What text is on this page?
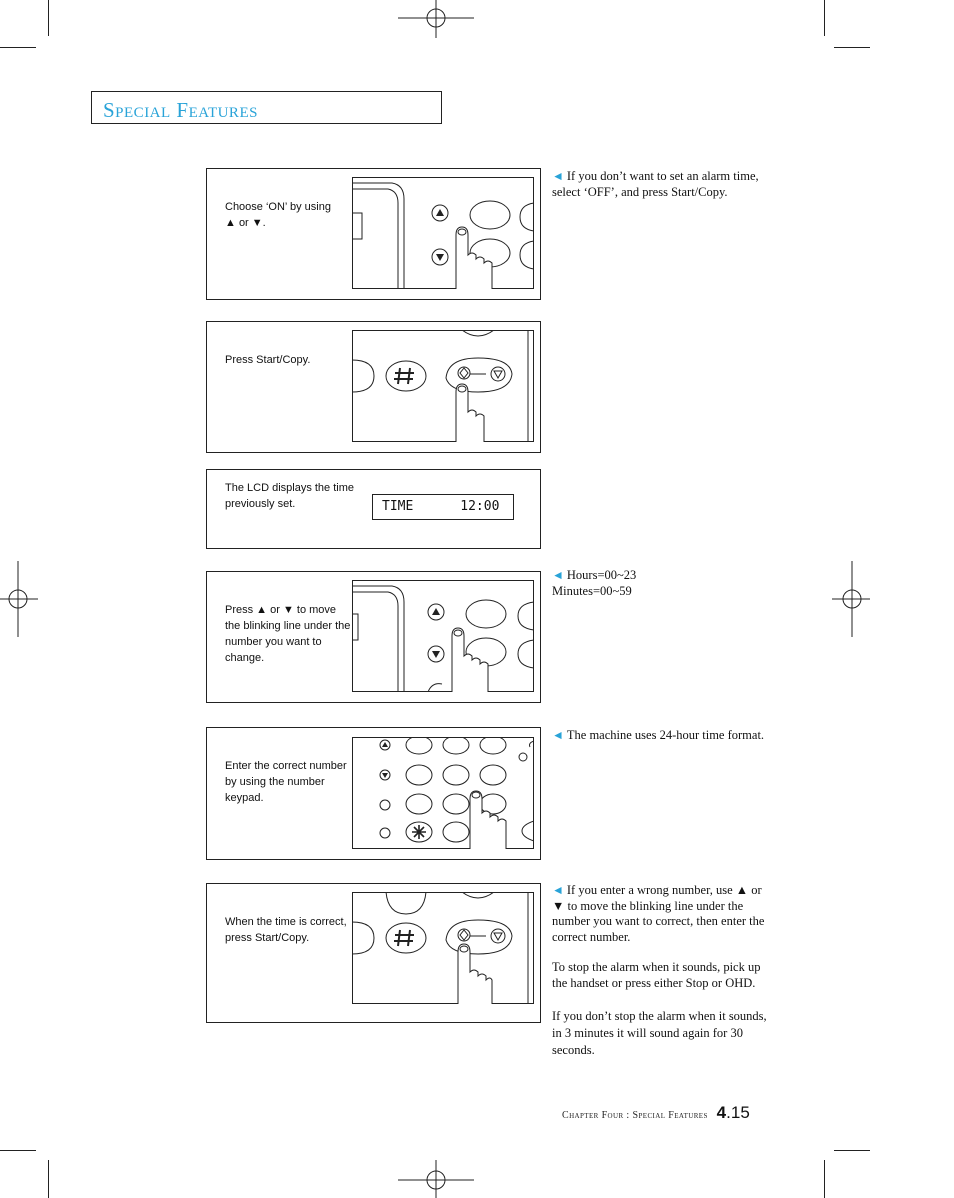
Special Features
Choose ‘ON’ by using
▲ or ▼.
Press Start/Copy.
The LCD displays the time
previously set.	TIME      12:00
Press ▲ or ▼ to move
the blinking line under the
number you want to
change.
Enter the correct number
by using the number
keypad.
When the time is correct,
press Start/Copy.

◄ If you don’t want to set an alarm time, select ‘OFF’, and press Start/Copy.

◄ Hours=00~23
Minutes=00~59

◄ The machine uses 24-hour time format.

◄ If you enter a wrong number, use ▲ or ▼ to move the blinking line under the number you want to correct, then enter the correct number.

To stop the alarm when it sounds, pick up the handset or press either Stop or OHD.

If you don’t stop the alarm when it sounds, in 3 minutes it will sound again for 30 seconds.

Chapter Four : Special Features 4.15
